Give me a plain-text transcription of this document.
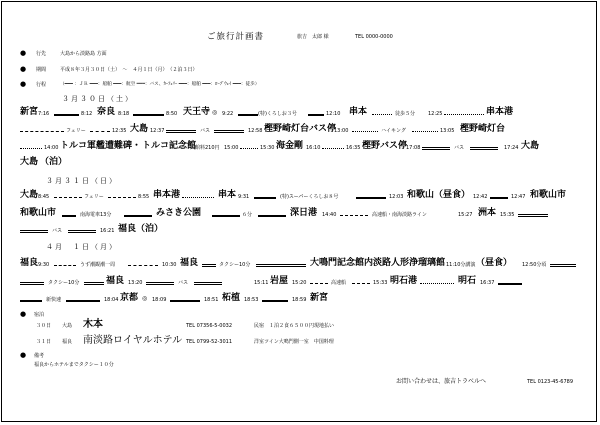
ご旅行計画書	旅吉　太郎 様	TEL 0000-0000
● 行先	大島から淡路島 方面
● 期間	平成８年３月３０日（土）　～　４月１日（月）　（２泊３日）
● 行程	（━━━ ：ＪＲ ━━━：船舶 ━━━：航空 ═══：バス、ｶｰﾌｪﾘｰ ━━━：船舶 ━━━：ﾛｰﾌﾟｳｪｲ ━━━：徒歩）
３月３０日（土）
新宮 7:16	8:12 奈良 8:18	8:50 天王寺 ◎ 9:22	(特)くろしお３号	12:10 串本	徒歩５分	12:25	串本港
フェリー	12:35 大島 12:37	バス	12:58 樫野崎灯台バス停
13:00	ハイキング	13:05 樫野崎灯台
14:00 トルコ軍艦遭難碑 ・ トルコ記念館
入館料210円 15:00	15:30 海金剛 16:10	16:35 樫野バス停
17:08	バス	17:24 大島
大島 （泊）
３月３１日（日）
大島 8:45	フェリー	8:55 串本港	串本 9:31	(特)スーパーくろしお８号	12:03 和歌山（昼食） 12:42	12:47 和歌山市
和歌山市	南海電車13分	みさき公園	６分	深日港 14:40	高速船・南海淡路ライン	15:27 洲本 15:35
バス	16:21 福良（泊）
４月　１日（月）
福良 9:30	うず潮観潮一周	10:30 福良	タクシー10分	大鳴門記念館内淡路人形浄瑠璃館 11:10分講演 （昼食） 12:50分頃
タクシー10分	福良 13:20	バス	15:11 岩屋 15:20	高速船	15:33 明石港	明石 16:37
新快速	18:04 京都 ◎ 18:09	18:51 柘植 18:53	18:59 新宮
● 宿泊
３０日 大島 木本	TEL 07356-5-0032	民宿　１泊２食６５００円現地払い
３１日 福良 南淡路ロイヤルホテル TEL 0799-52-3011	洋室ツイン大鳴門側一室　中国料理
● 備考
福良からホテルまでタクシー１０分
お問い合わせは、旅吉トラベルへ	TEL 0123-45-6789
